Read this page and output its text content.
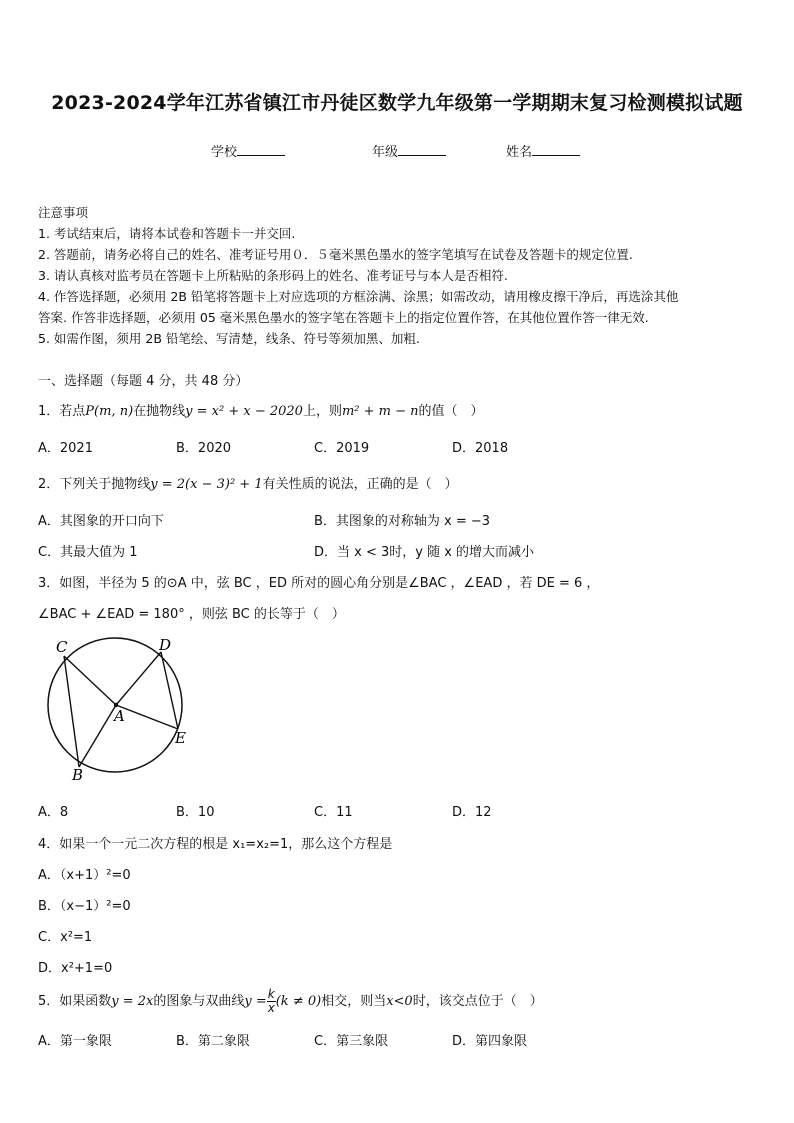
2023-2024学年江苏省镇江市丹徒区数学九年级第一学期期末复习检测模拟试题
学校	年级	姓名
注意事项
1. 考试结束后，请将本试卷和答题卡一并交回.
2. 答题前，请务必将自己的姓名、准考证号用０．５毫米黑色墨水的签字笔填写在试卷及答题卡的规定位置.
3. 请认真核对监考员在答题卡上所粘贴的条形码上的姓名、准考证号与本人是否相符.
4. 作答选择题，必须用 2B 铅笔将答题卡上对应选项的方框涂满、涂黑；如需改动，请用橡皮擦干净后，再选涂其他
答案. 作答非选择题，必须用 05 毫米黑色墨水的签字笔在答题卡上的指定位置作答，在其他位置作答一律无效.
5. 如需作图，须用 2B 铅笔绘、写清楚，线条、符号等须加黑、加粗.
一、选择题（每题 4 分，共 48 分）
1．若点P(m, n)在抛物线y = x² + x − 2020上，则m² + m − n的值（　）
A．2021	B．2020	C．2019	D．2018
2．下列关于抛物线y = 2(x − 3)² + 1有关性质的说法，正确的是（　）
A．其图象的开口向下	B．其图象的对称轴为 x = −3
C．其最大值为 1	D．当 x < 3时，y 随 x 的增大而减小
3．如图，半径为 5 的⊙A 中，弦 BC ，ED 所对的圆心角分别是∠BAC ，∠EAD ，若 DE = 6 ，
∠BAC + ∠EAD = 180° ，则弦 BC 的长等于（　）
C	D
A
E
B
A．8	B．10	C．11	D．12
4．如果一个一元二次方程的根是 x₁=x₂=1，那么这个方程是
A．（x+1）²=0
B．（x−1）²=0
C．x²=1
D．x²+1=0
5．如果函数y = 2x的图象与双曲线$y = \frac{k}{x} (k \ne 0)$相交，则当x<0时，该交点位于（　）
A．第一象限	B．第二象限	C．第三象限	D．第四象限
